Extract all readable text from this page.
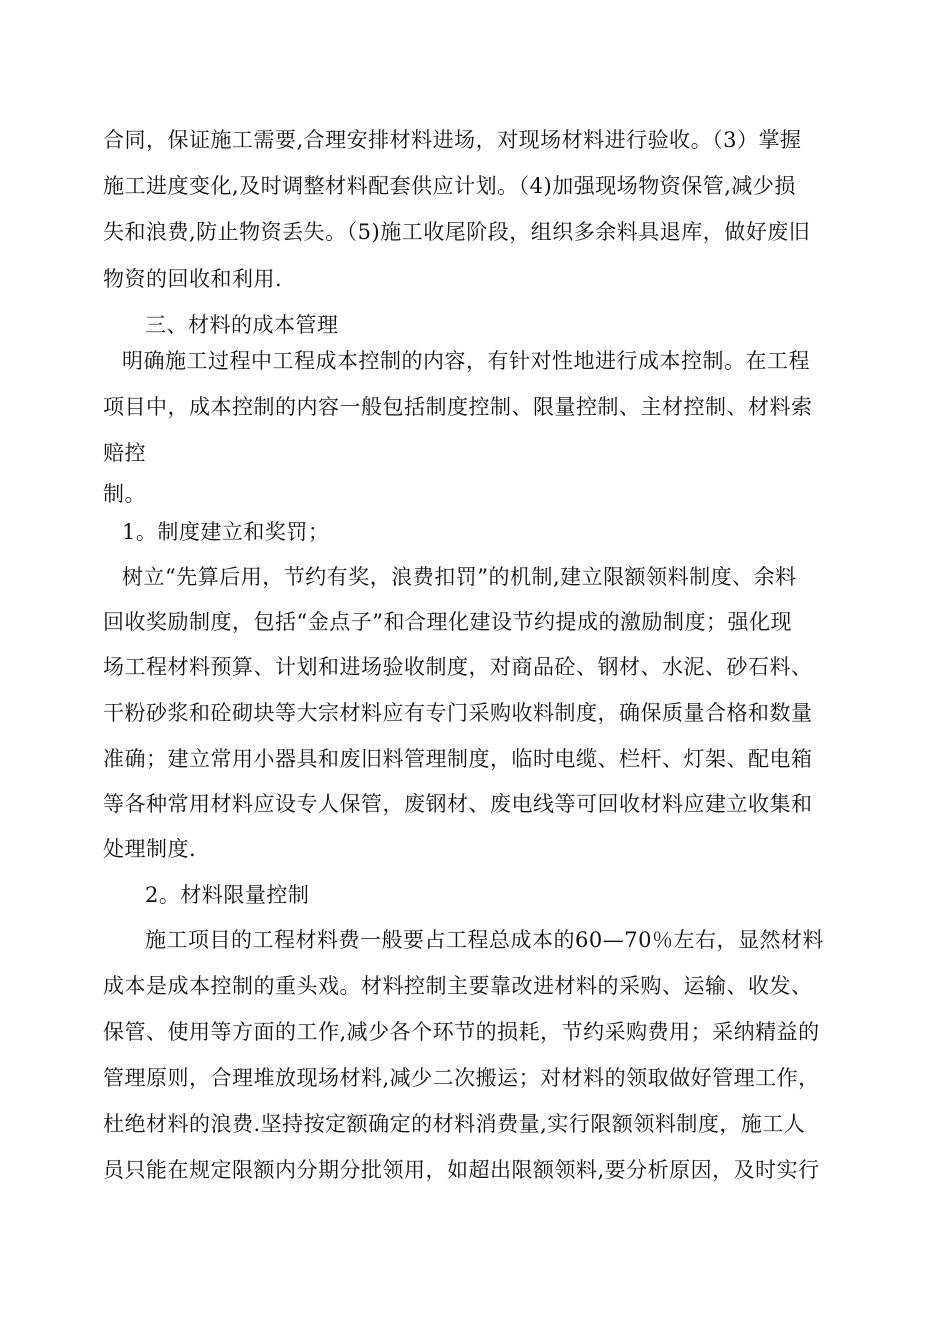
合同，保证施工需要,合理安排材料进场，对现场材料进行验收。（3）掌握
施工进度变化,及时调整材料配套供应计划。（4)加强现场物资保管,减少损
失和浪费,防止物资丢失。（5)施工收尾阶段，组织多余料具退库，做好废旧
物资的回收和利用.
三、材料的成本管理
明确施工过程中工程成本控制的内容，有针对性地进行成本控制。在工程
项目中，成本控制的内容一般包括制度控制、限量控制、主材控制、材料索
赔控
制。
1。制度建立和奖罚；
树立“先算后用，节约有奖，浪费扣罚”的机制,建立限额领料制度、余料
回收奖励制度，包括“金点子”和合理化建设节约提成的激励制度；强化现
场工程材料预算、计划和进场验收制度，对商品砼、钢材、水泥、砂石料、
干粉砂浆和砼砌块等大宗材料应有专门采购收料制度，确保质量合格和数量
准确；建立常用小器具和废旧料管理制度，临时电缆、栏杆、灯架、配电箱
等各种常用材料应设专人保管，废钢材、废电线等可回收材料应建立收集和
处理制度.
2。材料限量控制
施工项目的工程材料费一般要占工程总成本的60—70％左右，显然材料
成本是成本控制的重头戏。材料控制主要靠改进材料的采购、运输、收发、
保管、使用等方面的工作,减少各个环节的损耗，节约采购费用；采纳精益的
管理原则，合理堆放现场材料,减少二次搬运；对材料的领取做好管理工作，
杜绝材料的浪费.坚持按定额确定的材料消费量,实行限额领料制度，施工人
员只能在规定限额内分期分批领用，如超出限额领料,要分析原因，及时实行
